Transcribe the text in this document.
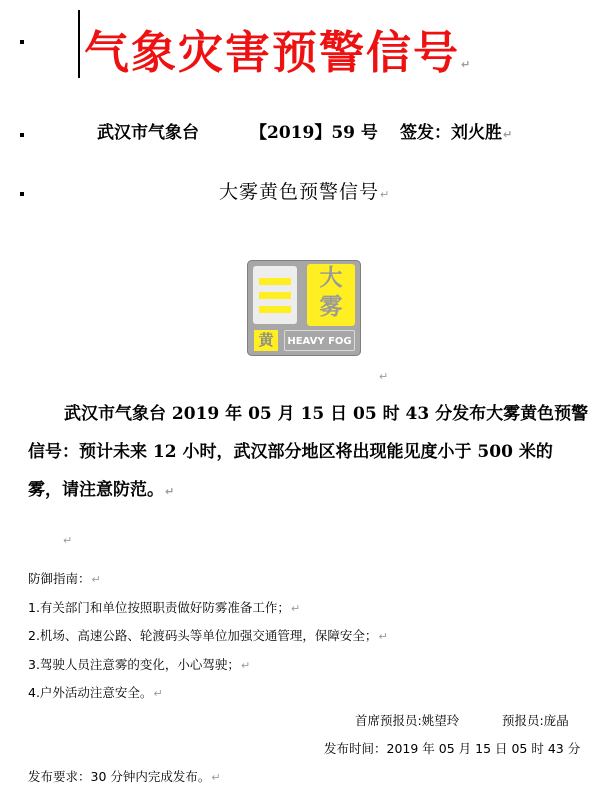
气象灾害预警信号↵
武汉市气象台	【2019】59 号 签发：刘火胜↵
大雾黄色预警信号↵
大
雾
黄	HEAVY FOG
↵
武汉市气象台 2019 年 05 月 15 日 05 时 43 分发布大雾黄色预警
信号：预计未来 12 小时，武汉部分地区将出现能见度小于 500 米的
雾，请注意防范。↵
↵
防御指南：↵
1.有关部门和单位按照职责做好防雾准备工作；↵
2.机场、高速公路、轮渡码头等单位加强交通管理，保障安全；↵
3.驾驶人员注意雾的变化，小心驾驶；↵
4.户外活动注意安全。↵
首席预报员:姚望玲	预报员:庞晶
发布时间：2019 年 05 月 15 日 05 时 43 分
发布要求：30 分钟内完成发布。↵
